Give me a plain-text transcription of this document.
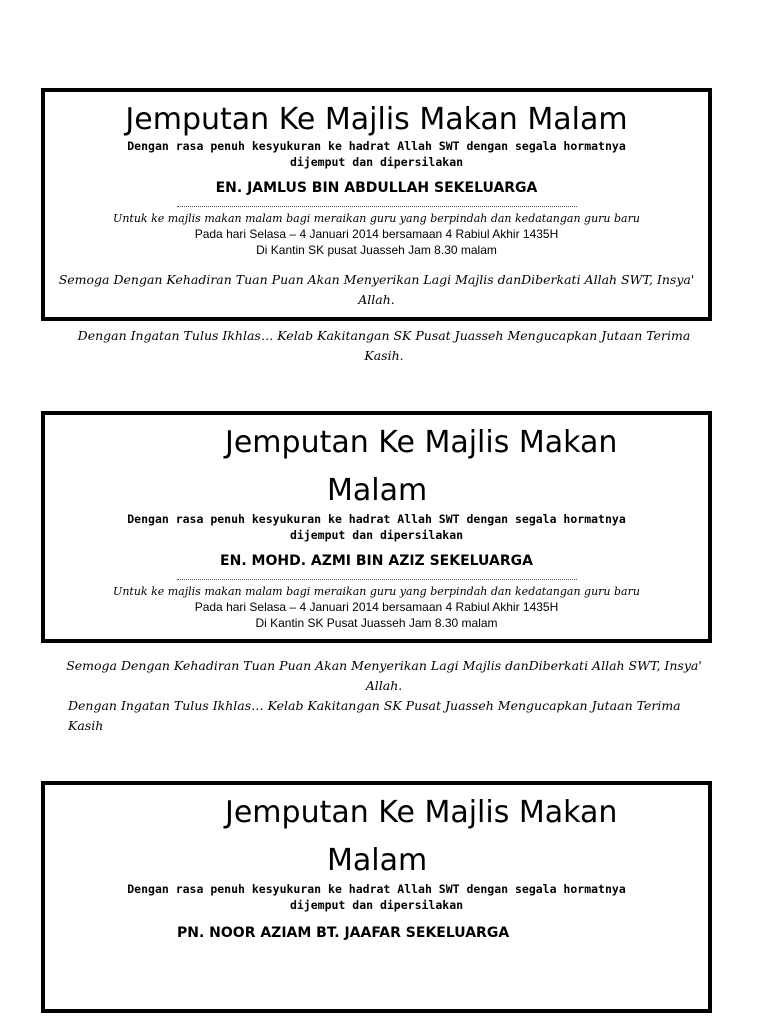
Jemputan Ke Majlis Makan Malam

Dengan rasa penuh kesyukuran ke hadrat Allah SWT dengan segala hormatnya

dijemput dan dipersilakan

EN. JAMLUS BIN ABDULLAH SEKELUARGA
Untuk ke majlis makan malam bagi meraikan guru yang berpindah dan kedatangan guru baru
Pada hari Selasa – 4 Januari 2014 bersamaan 4 Rabiul Akhir 1435H
Di Kantin SK pusat Juasseh Jam 8.30 malam
Semoga Dengan Kehadiran Tuan Puan Akan Menyerikan Lagi Majlis danDiberkati Allah SWT, Insya' Allah.
Dengan Ingatan Tulus Ikhlas… Kelab Kakitangan SK Pusat Juasseh Mengucapkan Jutaan Terima Kasih.
Jemputan Ke Majlis Makan
Malam

Dengan rasa penuh kesyukuran ke hadrat Allah SWT dengan segala hormatnya

dijemput dan dipersilakan

EN. MOHD. AZMI BIN AZIZ SEKELUARGA
Untuk ke majlis makan malam bagi meraikan guru yang berpindah dan kedatangan guru baru
Pada hari Selasa – 4 Januari 2014 bersamaan 4 Rabiul Akhir 1435H
Di Kantin SK Pusat Juasseh Jam 8.30 malam
Semoga Dengan Kehadiran Tuan Puan Akan Menyerikan Lagi Majlis danDiberkati Allah SWT, Insya' Allah.
Dengan Ingatan Tulus Ikhlas… Kelab Kakitangan SK Pusat Juasseh Mengucapkan Jutaan Terima Kasih
Jemputan Ke Majlis Makan
Malam

Dengan rasa penuh kesyukuran ke hadrat Allah SWT dengan segala hormatnya

dijemput dan dipersilakan

PN. NOOR AZIAM BT. JAAFAR SEKELUARGA
